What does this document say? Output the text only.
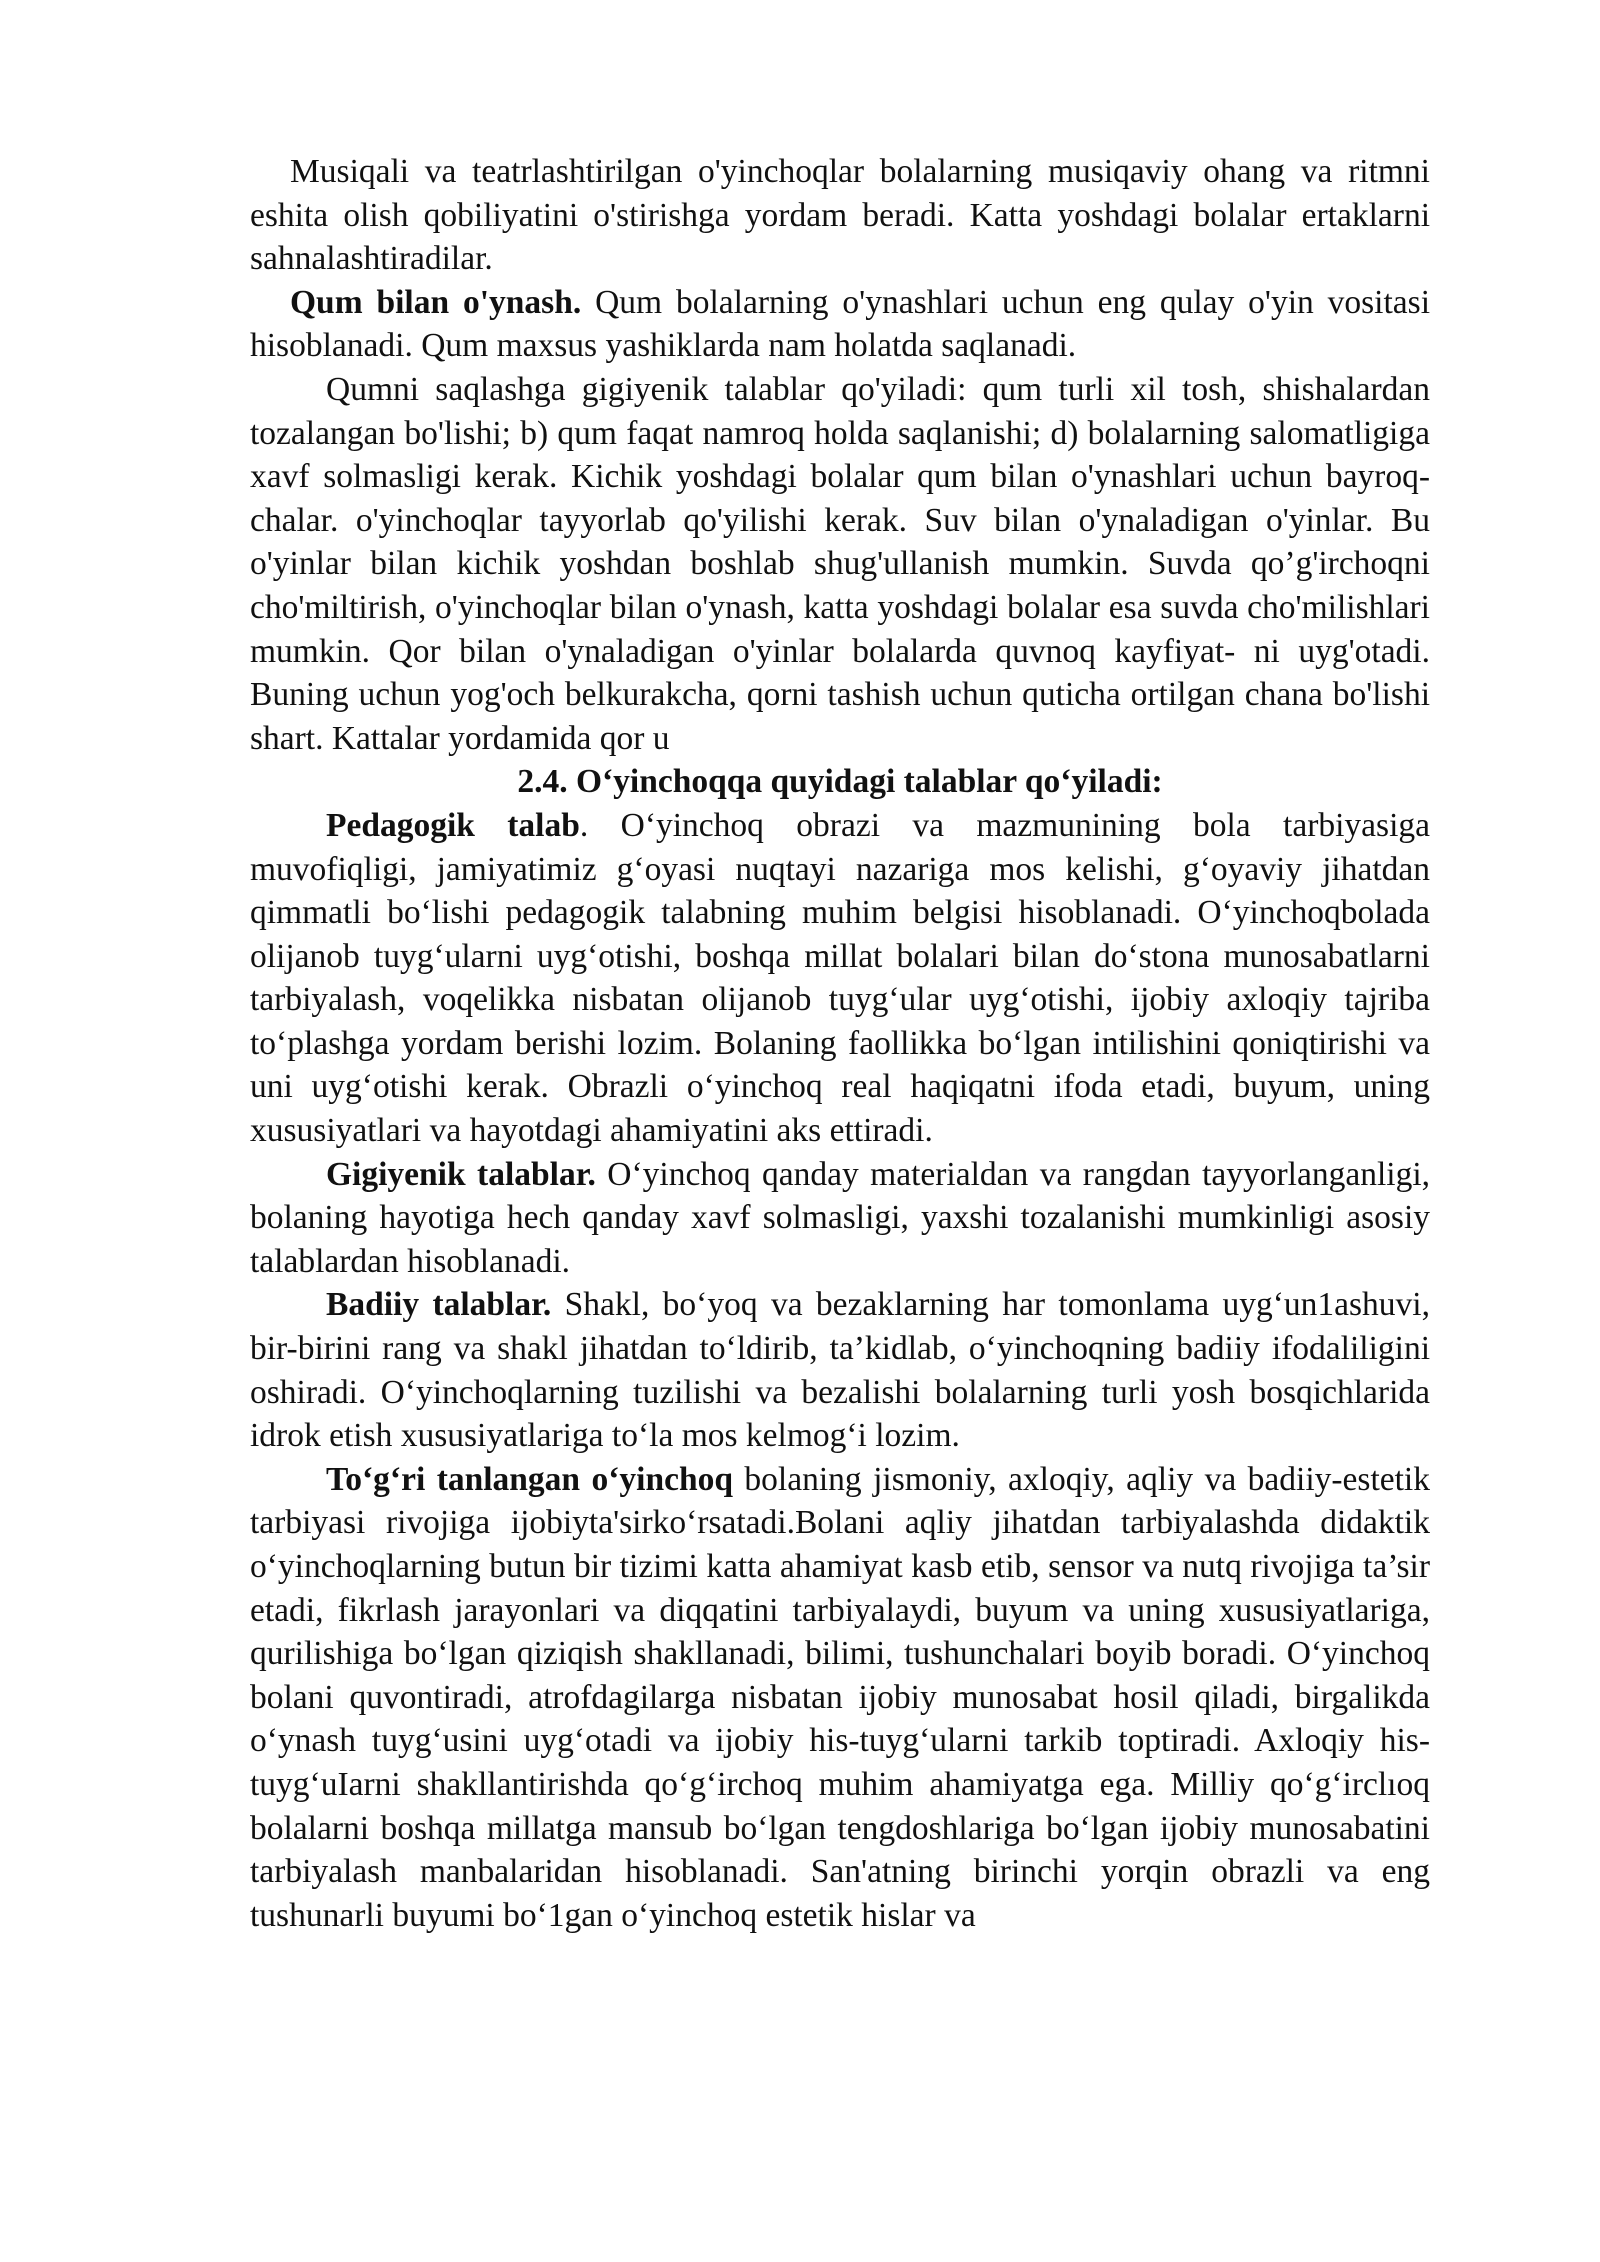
Musiqali va teatrlashtirilgan o'yinchoqlar bolalarning musiqaviy ohang va ritmni eshita olish qobiliyatini o'stirishga yordam beradi. Katta yoshdagi bolalar ertaklarni sahnalashtiradilar.

Qum bilan o'ynash. Qum bolalarning o'ynashlari uchun eng qulay o'yin vositasi hisoblanadi. Qum maxsus yashiklarda nam holatda saqlanadi.

Qumni saqlashga gigiyenik talablar qo'yiladi: qum turli xil tosh, shishalardan tozalangan bo'lishi; b) qum faqat namroq holda saqlanishi; d) bolalarning salomatligiga xavf solmasligi kerak. Kichik yoshdagi bolalar qum bilan o'ynashlari uchun bayroq- chalar. o'yinchoqlar tayyorlab qo'yilishi kerak. Suv bilan o'ynaladigan o'yinlar. Bu o'yinlar bilan kichik yoshdan boshlab shug'ullanish mumkin. Suvda qo’g'irchoqni cho'miltirish, o'yinchoqlar bilan o'ynash, katta yoshdagi bolalar esa suvda cho'milishlari mumkin. Qor bilan o'ynaladigan o'yinlar bolalarda quvnoq kayfiyat- ni uyg'otadi. Buning uchun yog'och belkurakcha, qorni tashish uchun quticha ortilgan chana bo'lishi shart. Kattalar yordamida qor u

2.4. O‘yinchoqqa quyidagi talablar qo‘yiladi:

Pedagogik talab. O‘yinchoq obrazi va mazmunining bola tarbiyasiga muvofiqligi, jamiyatimiz g‘oyasi nuqtayi nazariga mos kelishi, g‘oyaviy jihatdan qimmatli bo‘lishi pedagogik talabning muhim belgisi hisoblanadi. O‘yinchoqbolada olijanob tuyg‘ularni uyg‘otishi, boshqa millat bolalari bilan do‘stona munosabatlarni tarbiyalash, voqelikka nisbatan olijanob tuyg‘ular uyg‘otishi, ijobiy axloqiy tajriba to‘plashga yordam berishi lozim. Bolaning faollikka bo‘lgan intilishini qoniqtirishi va uni uyg‘otishi kerak. Obrazli o‘yinchoq real haqiqatni ifoda etadi, buyum, uning xususiyatlari va hayotdagi ahamiyatini aks ettiradi.

Gigiyenik talablar. O‘yinchoq qanday materialdan va rangdan tayyorlanganligi, bolaning hayotiga hech qanday xavf solmasligi, yaxshi tozalanishi mumkinligi asosiy talablardan hisoblanadi.

Badiiy talablar. Shakl, bo‘yoq va bezaklarning har tomonlama uyg‘un1ashuvi, bir-birini rang va shakl jihatdan to‘ldirib, ta’kidlab, o‘yinchoqning badiiy ifodaliligini oshiradi. O‘yinchoqlarning tuzilishi va bezalishi bolalarning turli yosh bosqichlarida idrok etish xususiyatlariga to‘la mos kelmog‘i lozim.

To‘g‘ri tanlangan o‘yinchoq bolaning jismoniy, axloqiy, aqliy va badiiy-estetik tarbiyasi rivojiga ijobiyta'sirko‘rsatadi.Bolani aqliy jihatdan tarbiyalashda didaktik o‘yinchoqlarning butun bir tizimi katta ahamiyat kasb etib, sensor va nutq rivojiga ta’sir etadi, fikrlash jarayonlari va diqqatini tarbiyalaydi, buyum va uning xususiyatlariga, qurilishiga bo‘lgan qiziqish shakllanadi, bilimi, tushunchalari boyib boradi. O‘yinchoq bolani quvontiradi, atrofdagilarga nisbatan ijobiy munosabat hosil qiladi, birgalikda o‘ynash tuyg‘usini uyg‘otadi va ijobiy his-tuyg‘ularni tarkib toptiradi. Axloqiy his-tuyg‘uIarni shakllantirishda qo‘g‘irchoq muhim ahamiyatga ega. Milliy qo‘g‘irclıoq bolalarni boshqa millatga mansub bo‘lgan tengdoshlariga bo‘lgan ijobiy munosabatini tarbiyalash manbalaridan hisoblanadi. San'atning birinchi yorqin obrazli va eng tushunarli buyumi bo‘1gan o‘yinchoq estetik hislar va
